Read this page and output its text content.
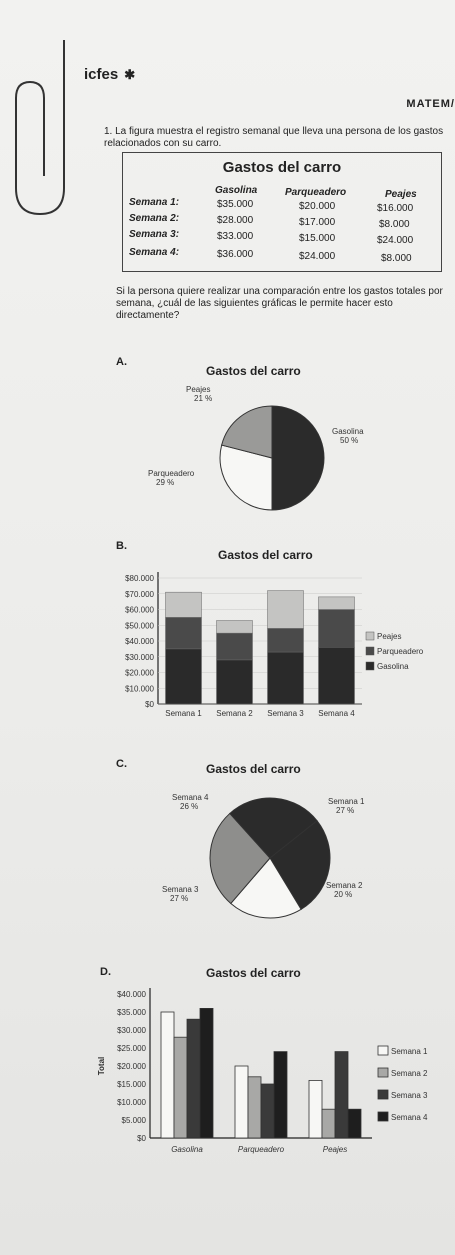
icfes ✱
MATEM/
1. La figura muestra el registro semanal que lleva una persona de los gastos relacionados con su carro.
Gastos del carro
Gasolina	Parqueadero	Peajes
Semana 1:	$35.000	$20.000	$16.000
Semana 2:	$28.000	$17.000	$8.000
Semana 3:	$33.000	$15.000	$24.000
Semana 4:	$36.000	$24.000	$8.000
Si la persona quiere realizar una comparación entre los gastos totales por semana, ¿cuál de las siguientes gráficas le permite hacer esto directamente?
A.
Gastos del carro
Gasolina
50 %
Parqueadero
29 %
Peajes
21 %
B.
Gastos del carro
$0
$10.000
$20.000
$30.000
$40.000
$50.000
$60.000
$70.000
$80.000
Semana 1 Semana 2 Semana 3 Semana 4
Peajes
Parqueadero
Gasolina
C.	Gastos del carro
Semana 1
27 %
Semana 2
20 %
Semana 3
27 %
Semana 4
26 %
D.	Gastos del carro
$0
$5.000
$10.000
$15.000
$20.000
$25.000
$30.000
$35.000
$40.000
Total
Gasolina	Parqueadero	Peajes
Semana 1
Semana 2
Semana 3
Semana 4
